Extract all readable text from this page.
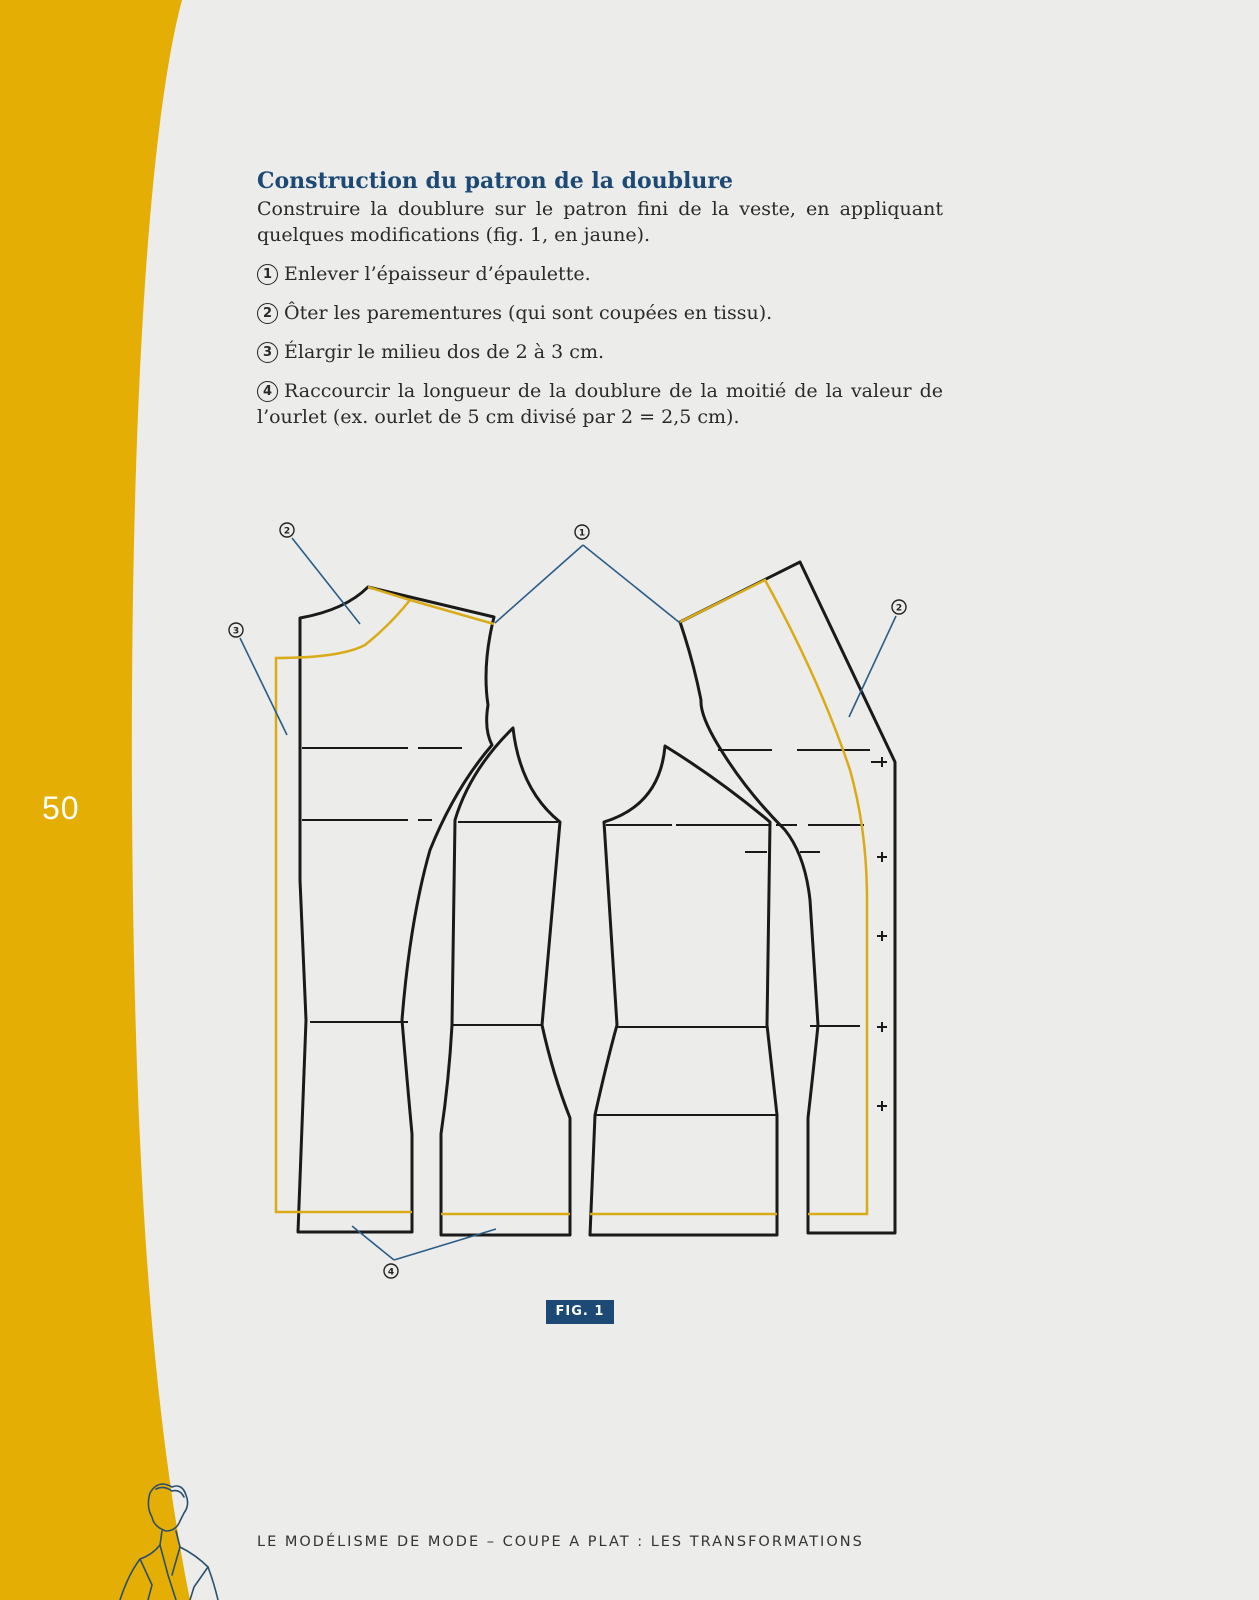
50
Construction du patron de la doublure

Construire la doublure sur le patron fini de la veste, en appliquant quelques modifications (fig. 1, en jaune).

1 Enlever l’épaisseur d’épaulette.

2 Ôter les parementures (qui sont coupées en tissu).

3 Élargir le milieu dos de 2 à 3 cm.

4 Raccourcir la longueur de la doublure de la moitié de la valeur de l’ourlet (ex. ourlet de 5 cm divisé par 2 = 2,5 cm).

2	1
2
3
4
FIG. 1
LE MODÉLISME DE MODE – COUPE A PLAT : LES TRANSFORMATIONS
